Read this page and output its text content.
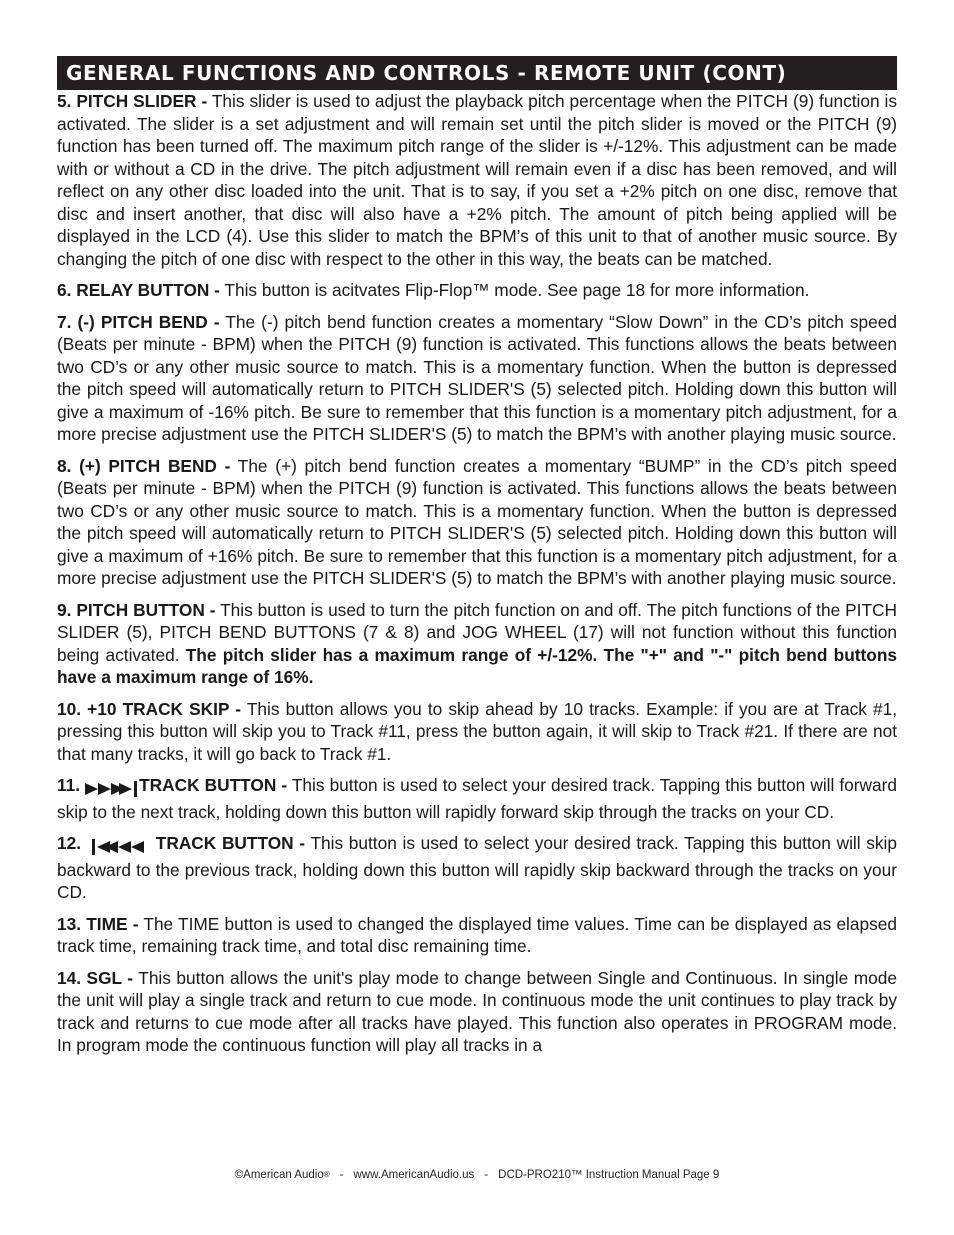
GENERAL FUNCTIONS AND CONTROLS - REMOTE UNIT (CONT)

5. PITCH SLIDER - This slider is used to adjust the playback pitch percentage when the PITCH (9) function is activated. The slider is a set adjustment and will remain set until the pitch slider is moved or the PITCH (9) function has been turned off. The maximum pitch range of the slider is +/-12%. This adjustment can be made with or without a CD in the drive. The pitch adjustment will remain even if a disc has been removed, and will reflect on any other disc loaded into the unit. That is to say, if you set a +2% pitch on one disc, remove that disc and insert another, that disc will also have a +2% pitch. The amount of pitch being applied will be displayed in the LCD (4). Use this slider to match the BPM’s of this unit to that of another music source. By changing the pitch of one disc with respect to the other in this way, the beats can be matched.

6. RELAY BUTTON - This button is acitvates Flip-Flop™ mode. See page 18 for more information.

7. (-) PITCH BEND - The (-) pitch bend function creates a momentary “Slow Down” in the CD’s pitch speed (Beats per minute - BPM) when the PITCH (9) function is activated. This functions allows the beats between two CD’s or any other music source to match. This is a momentary function. When the button is depressed the pitch speed will automatically return to PITCH SLIDER'S (5) selected pitch. Holding down this button will give a maximum of -16% pitch. Be sure to remember that this function is a momentary pitch adjustment, for a more precise adjustment use the PITCH SLIDER'S (5) to match the BPM’s with another playing music source.

8. (+) PITCH BEND - The (+) pitch bend function creates a momentary “BUMP” in the CD’s pitch speed (Beats per minute - BPM) when the PITCH (9) function is activated. This functions allows the beats between two CD’s or any other music source to match. This is a momentary function. When the button is depressed the pitch speed will automatically return to PITCH SLIDER'S (5) selected pitch. Holding down this button will give a maximum of +16% pitch. Be sure to remember that this function is a momentary pitch adjustment, for a more precise adjustment use the PITCH SLIDER'S (5) to match the BPM’s with another playing music source.

9. PITCH BUTTON - This button is used to turn the pitch function on and off. The pitch functions of the PITCH SLIDER (5), PITCH BEND BUTTONS (7 & 8) and JOG WHEEL (17) will not function without this function being activated. The pitch slider has a maximum range of +/-12%. The "+" and "-" pitch bend buttons have a maximum range of 16%.

10. +10 TRACK SKIP - This button allows you to skip ahead by 10 tracks. Example: if you are at Track #1, pressing this button will skip you to Track #11, press the button again, it will skip to Track #21. If there are not that many tracks, it will go back to Track #1.

11.	TRACK BUTTON - This button is used to select your desired track. Tapping this button will forward skip to the next track, holding down this button will rapidly forward skip through the tracks on your CD.

12.	TRACK BUTTON - This button is used to select your desired track. Tapping this button will skip backward to the previous track, holding down this button will rapidly skip backward through the tracks on your CD.

13. TIME - The TIME button is used to changed the displayed time values. Time can be displayed as elapsed track time, remaining track time, and total disc remaining time.

14. SGL - This button allows the unit's play mode to change between Single and Continuous. In single mode the unit will play a single track and return to cue mode. In continuous mode the unit continues to play track by track and returns to cue mode after all tracks have played. This function also operates in PROGRAM mode. In program mode the continuous function will play all tracks in a

©American Audio® - www.AmericanAudio.us - DCD-PRO210™ Instruction Manual Page 9
